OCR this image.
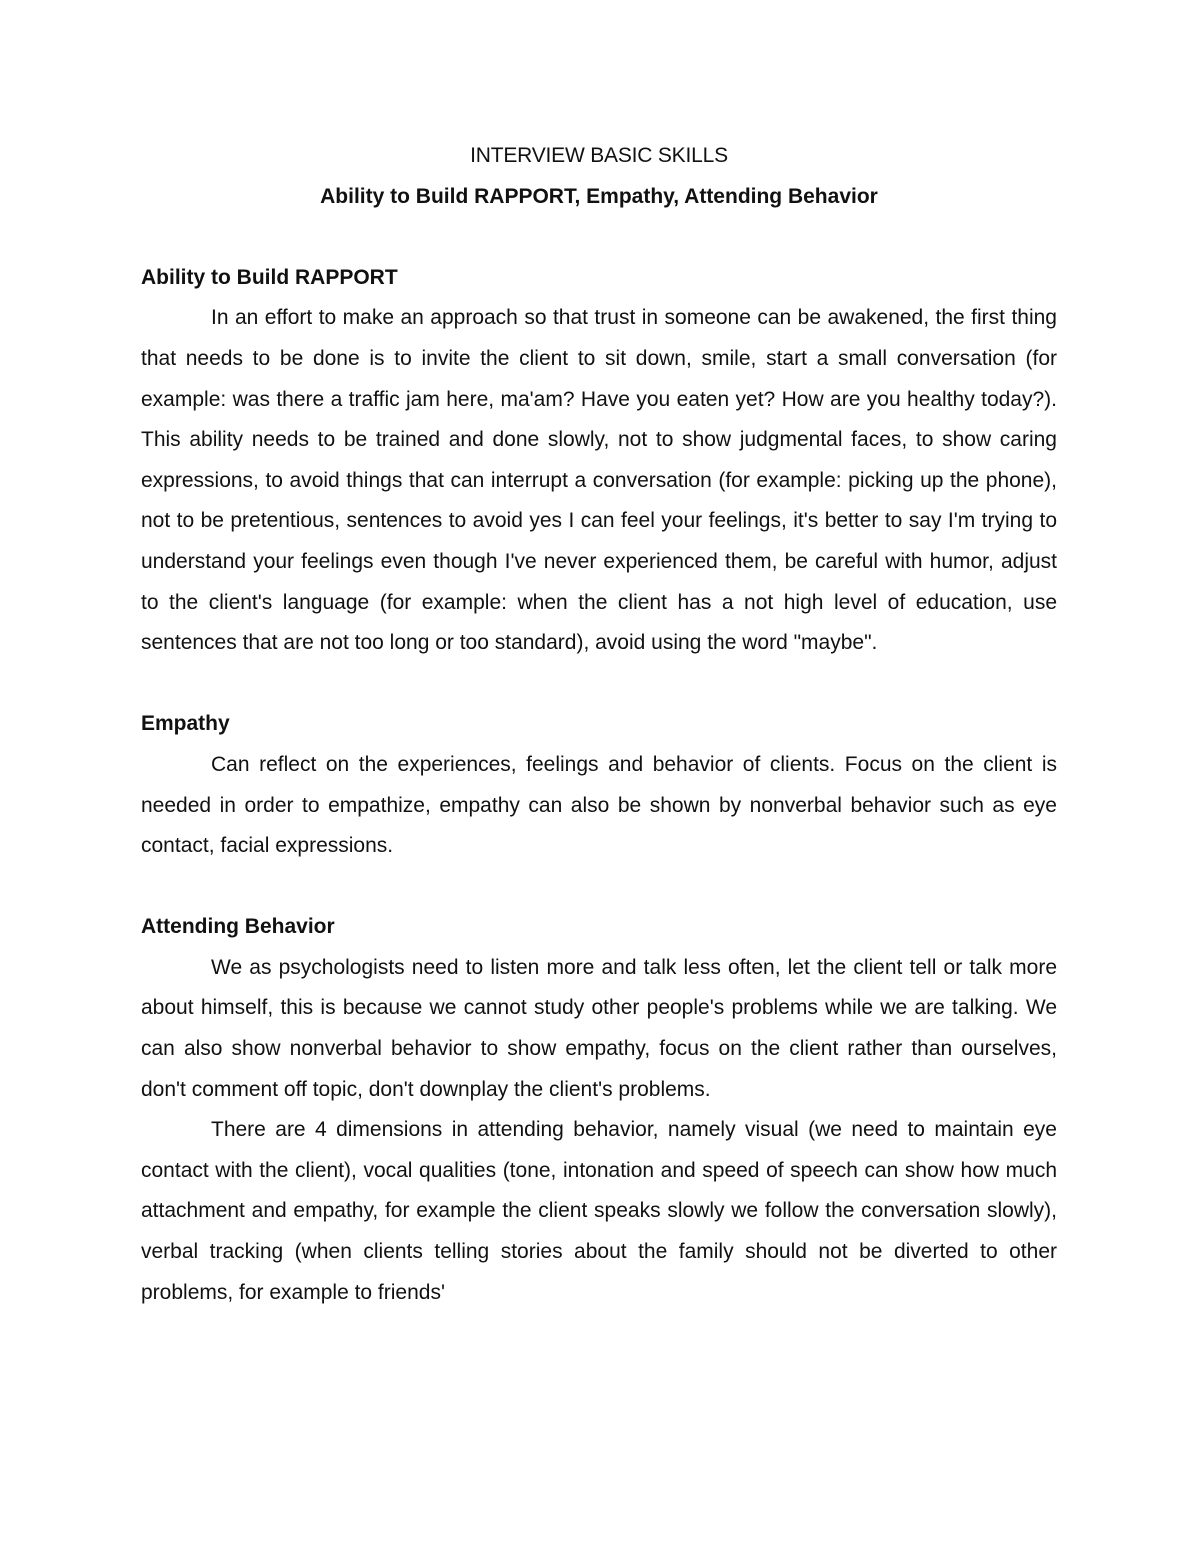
INTERVIEW BASIC SKILLS

Ability to Build RAPPORT, Empathy, Attending Behavior

Ability to Build RAPPORT

In an effort to make an approach so that trust in someone can be awakened, the first thing that needs to be done is to invite the client to sit down, smile, start a small conversation (for example: was there a traffic jam here, ma'am? Have you eaten yet? How are you healthy today?). This ability needs to be trained and done slowly, not to show judgmental faces, to show caring expressions, to avoid things that can interrupt a conversation (for example: picking up the phone), not to be pretentious, sentences to avoid yes I can feel your feelings, it's better to say I'm trying to understand your feelings even though I've never experienced them, be careful with humor, adjust to the client's language (for example: when the client has a not high level of education, use sentences that are not too long or too standard), avoid using the word "maybe".

Empathy

Can reflect on the experiences, feelings and behavior of clients. Focus on the client is needed in order to empathize, empathy can also be shown by nonverbal behavior such as eye contact, facial expressions.

Attending Behavior

We as psychologists need to listen more and talk less often, let the client tell or talk more about himself, this is because we cannot study other people's problems while we are talking. We can also show nonverbal behavior to show empathy, focus on the client rather than ourselves, don't comment off topic, don't downplay the client's problems.

There are 4 dimensions in attending behavior, namely visual (we need to maintain eye contact with the client), vocal qualities (tone, intonation and speed of speech can show how much attachment and empathy, for example the client speaks slowly we follow the conversation slowly), verbal tracking (when clients telling stories about the family should not be diverted to other problems, for example to friends'
